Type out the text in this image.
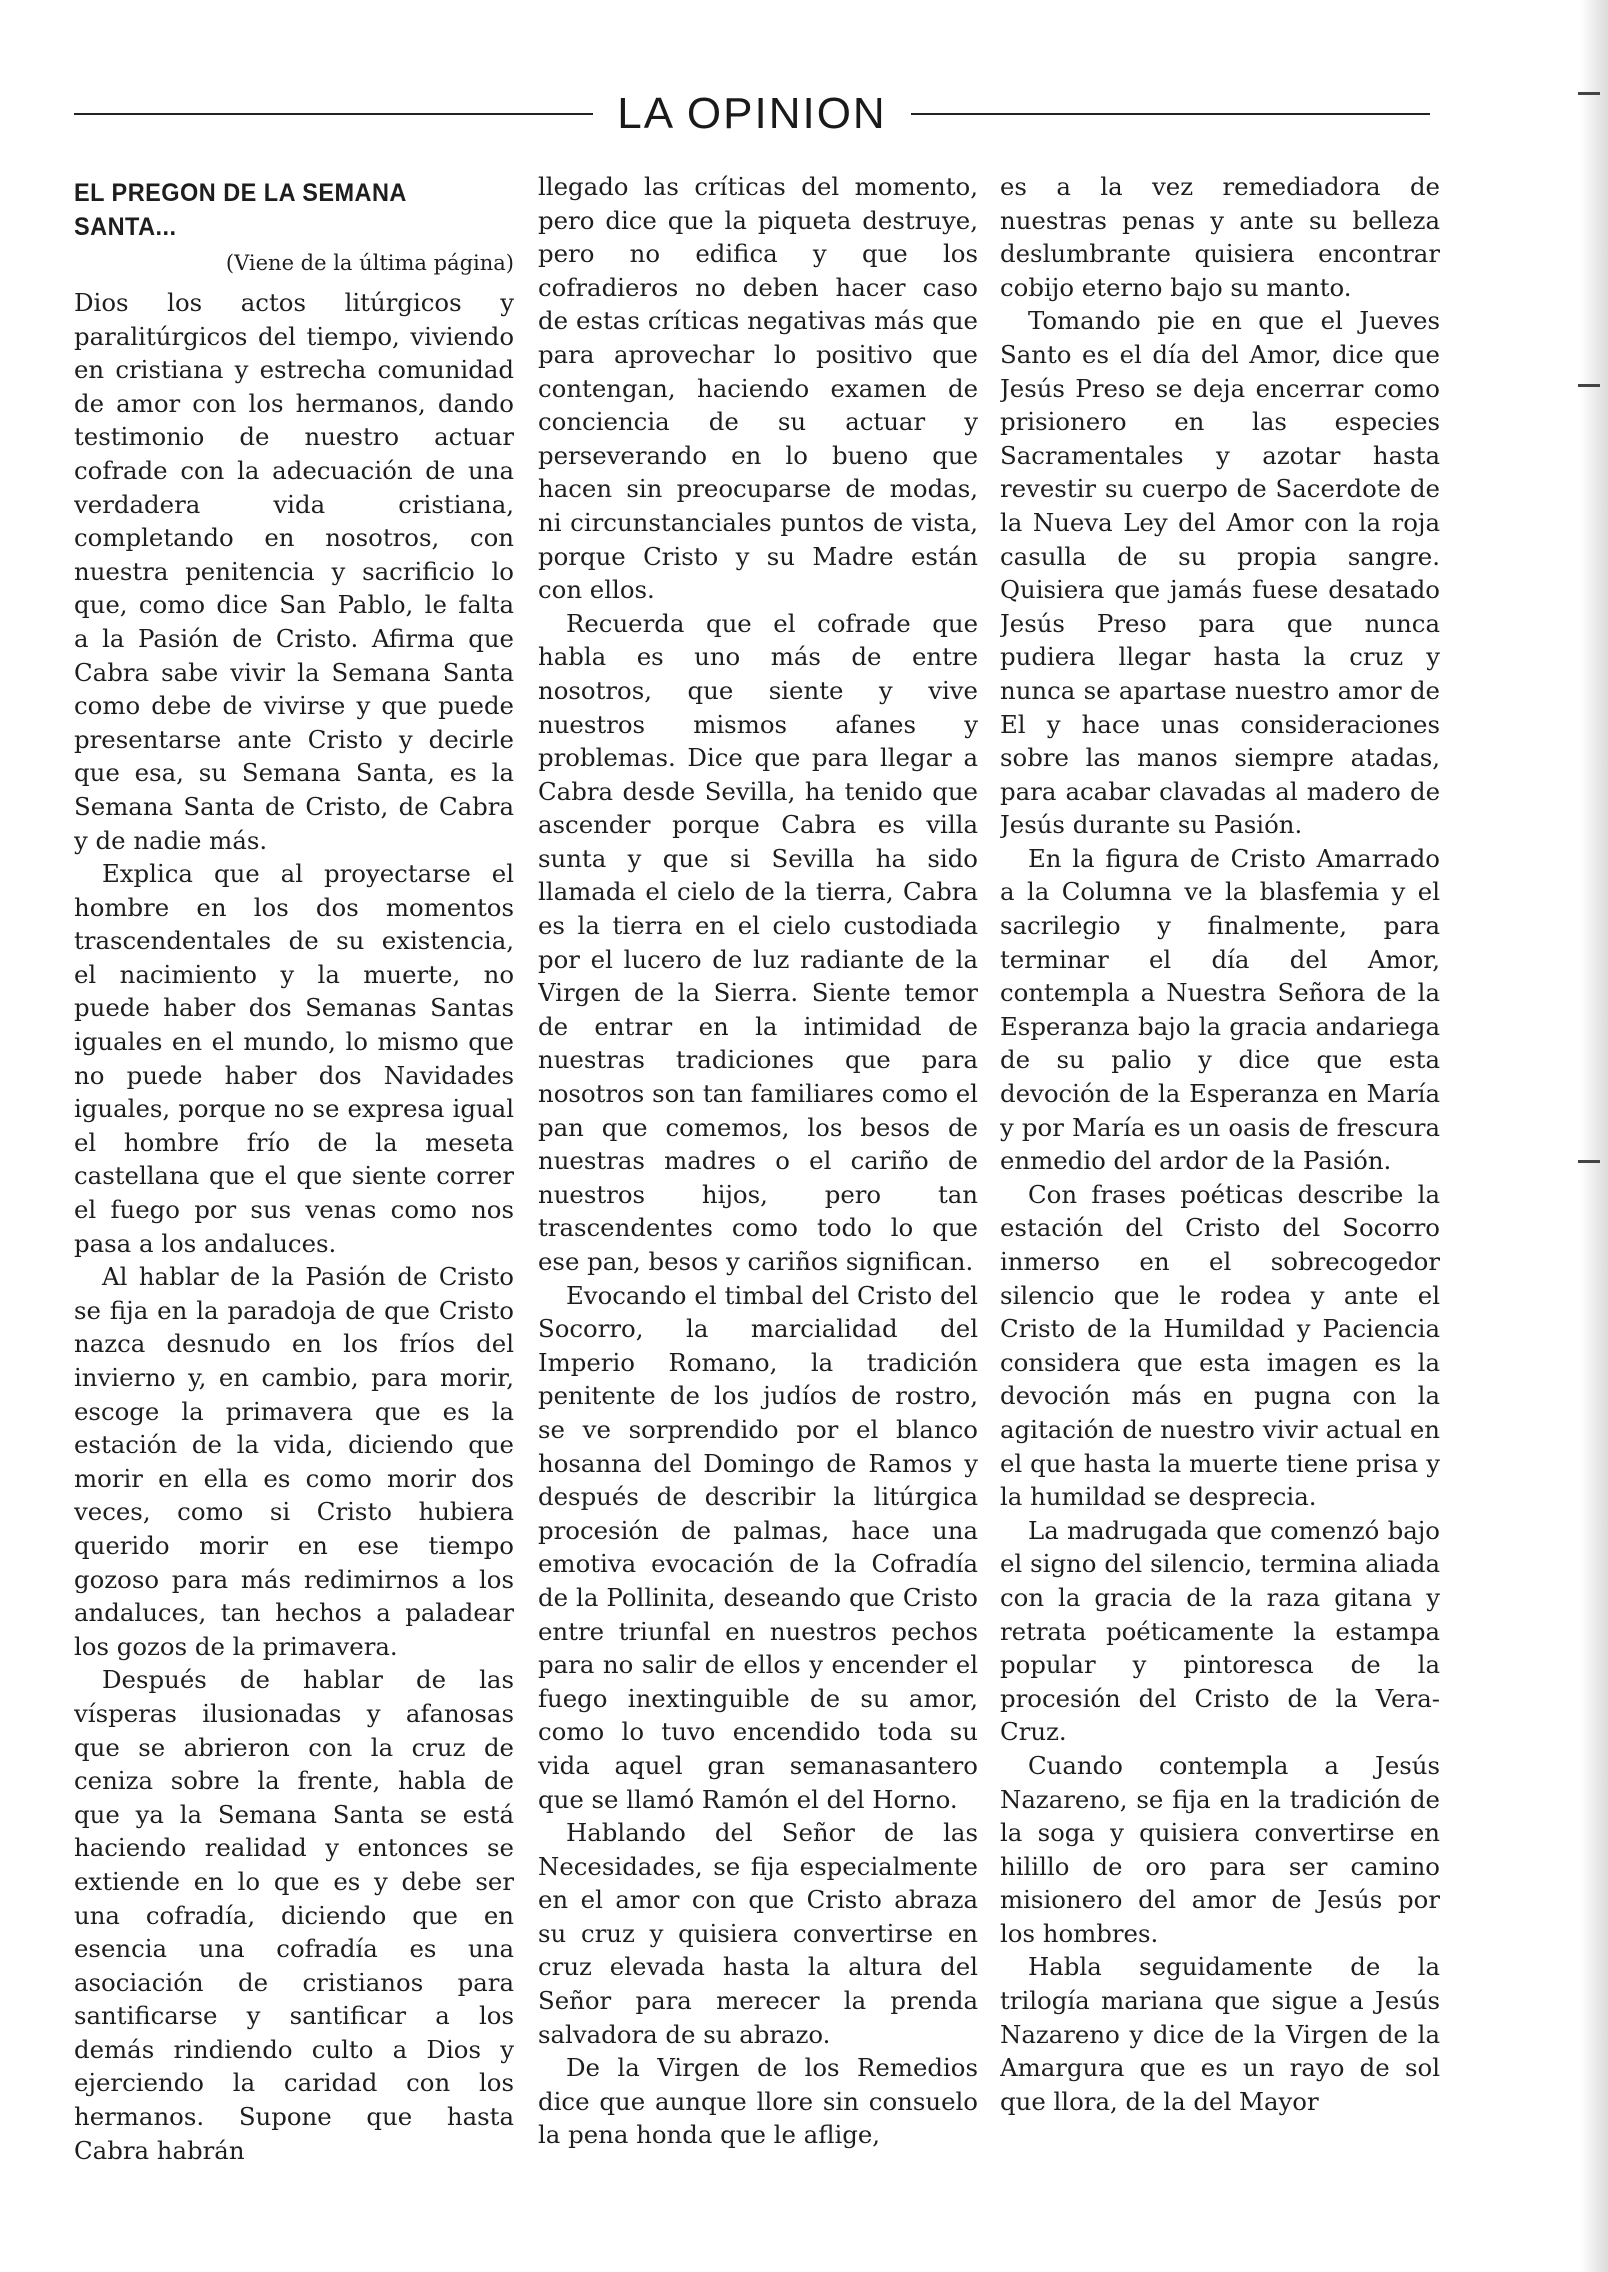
LA OPINION
EL PREGON DE LA SEMANA SANTA...
(Viene de la última página)

Dios los actos litúrgicos y paralitúrgicos del tiempo, viviendo en cristiana y estrecha comunidad de amor con los hermanos, dando testimonio de nuestro actuar cofrade con la adecuación de una verdadera vida cristiana, completando en nosotros, con nuestra penitencia y sacrificio lo que, como dice San Pablo, le falta a la Pasión de Cristo. Afirma que Cabra sabe vivir la Semana Santa como debe de vivirse y que puede presentarse ante Cristo y decirle que esa, su Semana Santa, es la Semana Santa de Cristo, de Cabra y de nadie más.

Explica que al proyectarse el hombre en los dos momentos trascendentales de su existencia, el nacimiento y la muerte, no puede haber dos Semanas Santas iguales en el mundo, lo mismo que no puede haber dos Navidades iguales, porque no se expresa igual el hombre frío de la meseta castellana que el que siente correr el fuego por sus venas como nos pasa a los andaluces.

Al hablar de la Pasión de Cristo se fija en la paradoja de que Cristo nazca desnudo en los fríos del invierno y, en cambio, para morir, escoge la primavera que es la estación de la vida, diciendo que morir en ella es como morir dos veces, como si Cristo hubiera querido morir en ese tiempo gozoso para más redimirnos a los andaluces, tan hechos a paladear los gozos de la primavera.

Después de hablar de las vísperas ilusionadas y afanosas que se abrieron con la cruz de ceniza sobre la frente, habla de que ya la Semana Santa se está haciendo realidad y entonces se extiende en lo que es y debe ser una cofradía, diciendo que en esencia una cofradía es una asociación de cristianos para santificarse y santificar a los demás rindiendo culto a Dios y ejerciendo la caridad con los hermanos. Supone que hasta Cabra habrán

llegado las críticas del momento, pero dice que la piqueta destruye, pero no edifica y que los cofradieros no deben hacer caso de estas críticas negativas más que para aprovechar lo positivo que contengan, haciendo examen de conciencia de su actuar y perseverando en lo bueno que hacen sin preocuparse de modas, ni circunstanciales puntos de vista, porque Cristo y su Madre están con ellos.

Recuerda que el cofrade que habla es uno más de entre nosotros, que siente y vive nuestros mismos afanes y problemas. Dice que para llegar a Cabra desde Sevilla, ha tenido que ascender porque Cabra es villa sunta y que si Sevilla ha sido llamada el cielo de la tierra, Cabra es la tierra en el cielo custodiada por el lucero de luz radiante de la Virgen de la Sierra. Siente temor de entrar en la intimidad de nuestras tradiciones que para nosotros son tan familiares como el pan que comemos, los besos de nuestras madres o el cariño de nuestros hijos, pero tan trascendentes como todo lo que ese pan, besos y cariños significan.

Evocando el timbal del Cristo del Socorro, la marcialidad del Imperio Romano, la tradición penitente de los judíos de rostro, se ve sorprendido por el blanco hosanna del Domingo de Ramos y después de describir la litúrgica procesión de palmas, hace una emotiva evocación de la Cofradía de la Pollinita, deseando que Cristo entre triunfal en nuestros pechos para no salir de ellos y encender el fuego inextinguible de su amor, como lo tuvo encendido toda su vida aquel gran semanasantero que se llamó Ramón el del Horno.

Hablando del Señor de las Necesidades, se fija especialmente en el amor con que Cristo abraza su cruz y quisiera convertirse en cruz elevada hasta la altura del Señor para merecer la prenda salvadora de su abrazo.

De la Virgen de los Remedios dice que aunque llore sin consuelo la pena honda que le aflige,

es a la vez remediadora de nuestras penas y ante su belleza deslumbrante quisiera encontrar cobijo eterno bajo su manto.

Tomando pie en que el Jueves Santo es el día del Amor, dice que Jesús Preso se deja encerrar como prisionero en las especies Sacramentales y azotar hasta revestir su cuerpo de Sacerdote de la Nueva Ley del Amor con la roja casulla de su propia sangre. Quisiera que jamás fuese desatado Jesús Preso para que nunca pudiera llegar hasta la cruz y nunca se apartase nuestro amor de El y hace unas consideraciones sobre las manos siempre atadas, para acabar clavadas al madero de Jesús durante su Pasión.

En la figura de Cristo Amarrado a la Columna ve la blasfemia y el sacrilegio y finalmente, para terminar el día del Amor, contempla a Nuestra Señora de la Esperanza bajo la gracia andariega de su palio y dice que esta devoción de la Esperanza en María y por María es un oasis de frescura enmedio del ardor de la Pasión.

Con frases poéticas describe la estación del Cristo del Socorro inmerso en el sobrecogedor silencio que le rodea y ante el Cristo de la Humildad y Paciencia considera que esta imagen es la devoción más en pugna con la agitación de nuestro vivir actual en el que hasta la muerte tiene prisa y la humildad se desprecia.

La madrugada que comenzó bajo el signo del silencio, termina aliada con la gracia de la raza gitana y retrata poéticamente la estampa popular y pintoresca de la procesión del Cristo de la Vera-Cruz.

Cuando contempla a Jesús Nazareno, se fija en la tradición de la soga y quisiera convertirse en hilillo de oro para ser camino misionero del amor de Jesús por los hombres.

Habla seguidamente de la trilogía mariana que sigue a Jesús Nazareno y dice de la Virgen de la Amargura que es un rayo de sol que llora, de la del Mayor
